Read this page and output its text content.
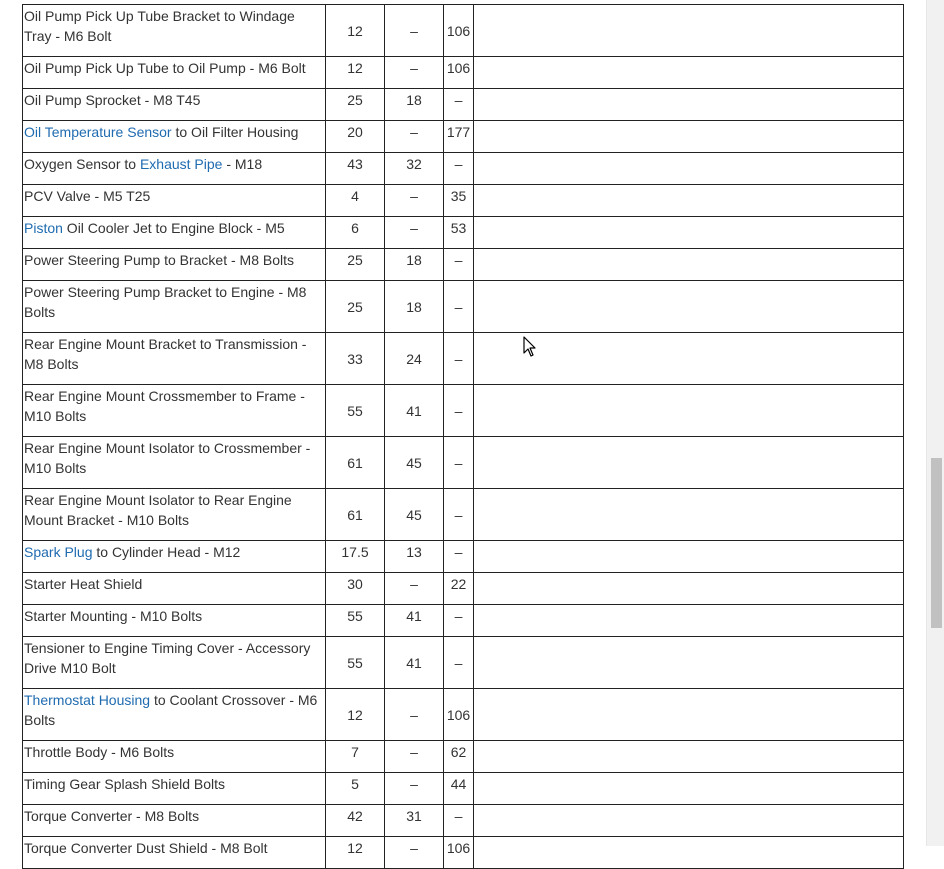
Oil Pump Pick Up Tube Bracket to Windage Tray - M6 Bolt	12	–	106	
Oil Pump Pick Up Tube to Oil Pump - M6 Bolt	12	–	106	
Oil Pump Sprocket - M8 T45	25	18	–	
Oil Temperature Sensor to Oil Filter Housing	20	–	177	
Oxygen Sensor to Exhaust Pipe - M18	43	32	–	
PCV Valve - M5 T25	4	–	35	
Piston Oil Cooler Jet to Engine Block - M5	6	–	53	
Power Steering Pump to Bracket - M8 Bolts	25	18	–	
Power Steering Pump Bracket to Engine - M8 Bolts	25	18	–	
Rear Engine Mount Bracket to Transmission - M8 Bolts	33	24	–	
Rear Engine Mount Crossmember to Frame - M10 Bolts	55	41	–	
Rear Engine Mount Isolator to Crossmember - M10 Bolts	61	45	–	
Rear Engine Mount Isolator to Rear Engine Mount Bracket - M10 Bolts	61	45	–	
Spark Plug to Cylinder Head - M12	17.5	13	–	
Starter Heat Shield	30	–	22	
Starter Mounting - M10 Bolts	55	41	–	
Tensioner to Engine Timing Cover - Accessory Drive M10 Bolt	55	41	–	
Thermostat Housing to Coolant Crossover - M6 Bolts	12	–	106	
Throttle Body - M6 Bolts	7	–	62	
Timing Gear Splash Shield Bolts	5	–	44	
Torque Converter - M8 Bolts	42	31	–	
Torque Converter Dust Shield - M8 Bolt	12	–	106	
